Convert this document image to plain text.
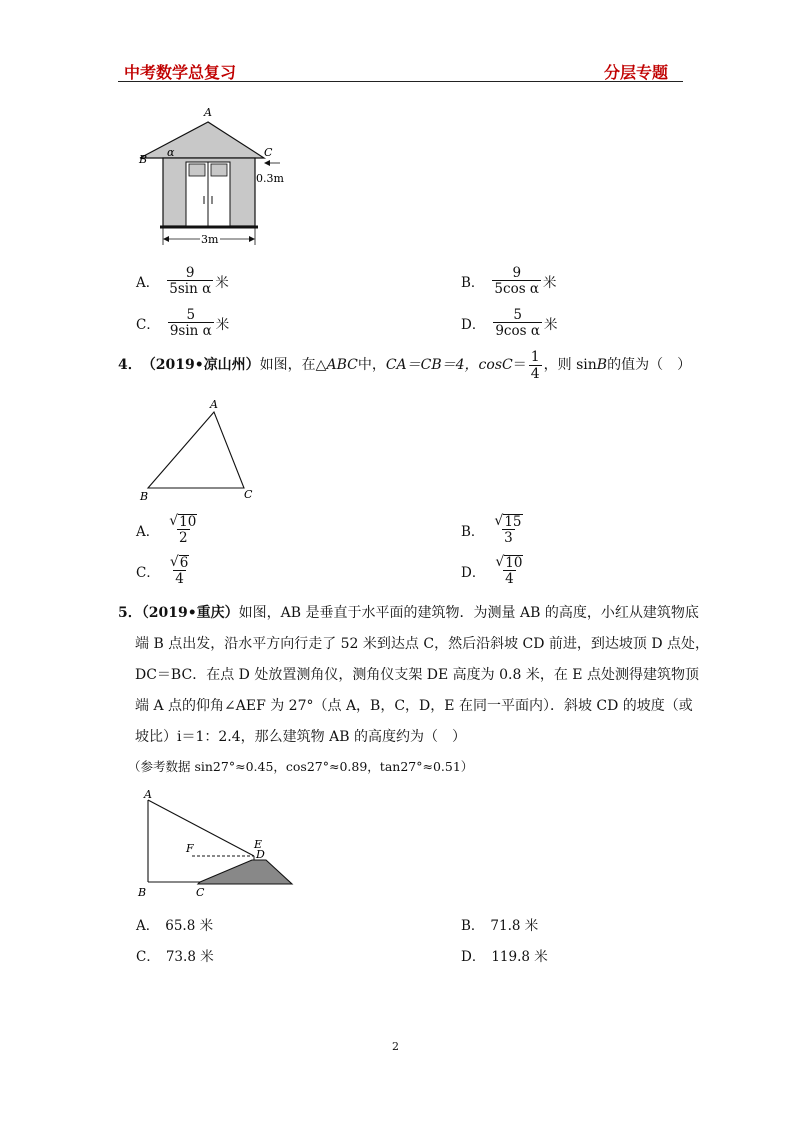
中考数学总复习	分层专题
A
B
C
α
0.3m
3m
A． $\frac{9}{\text{5sin α}}$ 米	B． $\frac{9}{\text{5cos α}}$ 米
C． $\frac{5}{\text{9sin α}}$ 米	D． $\frac{5}{\text{9cos α}}$ 米
4． （2019•凉山州） 如图，在△ ABC 中， CA＝CB＝4，$\cos C = \frac{1}{4}$ ，则 sin B 的值为（　）
A
B	C
A． $\frac{√ 10}{2}$	B． $\frac{√ 15}{3}$
C． $\frac{√ 6}{4}$	D． $\frac{√ 10}{4}$
5．（2019•重庆）如图，AB 是垂直于水平面的建筑物．为测量 AB 的高度，小红从建筑物底
端 B 点出发，沿水平方向行走了 52 米到达点 C，然后沿斜坡 CD 前进，到达坡顶 D 点处，
DC＝BC．在点 D 处放置测角仪，测角仪支架 DE 高度为 0.8 米，在 E 点处测得建筑物顶
端 A 点的仰角∠AEF 为 27°（点 A，B，C，D，E 在同一平面内）．斜坡 CD 的坡度（或
坡比）i＝1：2.4，那么建筑物 AB 的高度约为（　）
（参考数据 sin27°≈0.45，cos27°≈0.89，tan27°≈0.51）
A
B	C
D
E
F
A． 65.8 米	B． 71.8 米
C． 73.8 米	D． 119.8 米
2
